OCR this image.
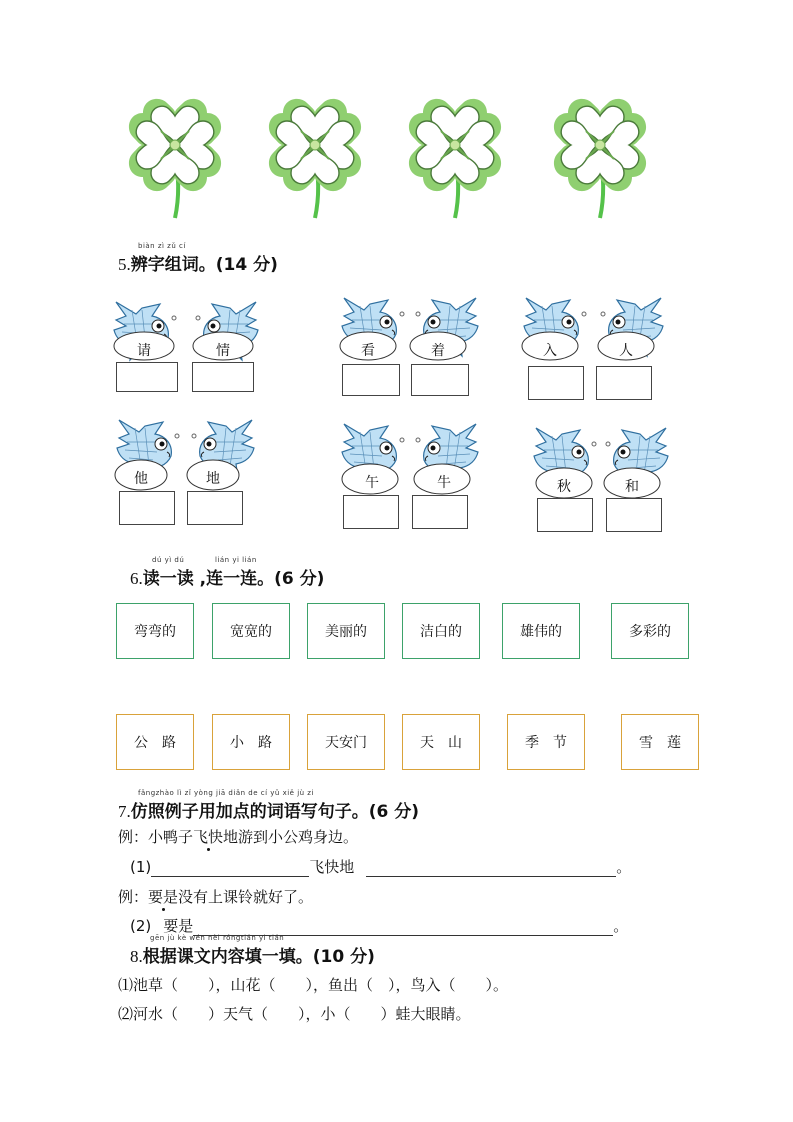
biàn zì zǔ cí
5.辨字组词。(14 分)
请	情	看	着	入	人
他	地	午	牛	秋	和
dú yì dú	lián yi lián
6.读一读 ,连一连。(6 分)
弯弯的	宽宽的	美丽的	洁白的	雄伟的	多彩的
公　路	小　路	天安门	天　山	季　节	雪　莲
fǎngzhào lì zǐ yòng jiā diǎn de cí yǔ xiě jù zi
7.仿照例子用加点的词语写句子。(6 分)
例：小鸭子飞快地游到小公鸡身边。
(1)	飞快地	。
例：要是没有上课铃就好了。
(2) 要是	。
gēn jù kè wén nèi róngtián yi tián
8.根据课文内容填一填。(10 分)
⑴池草（　　），山花（　　），鱼出（　），鸟入（　　）。
⑵河水（　　）天气（　　），小（　　）蛙大眼睛。
